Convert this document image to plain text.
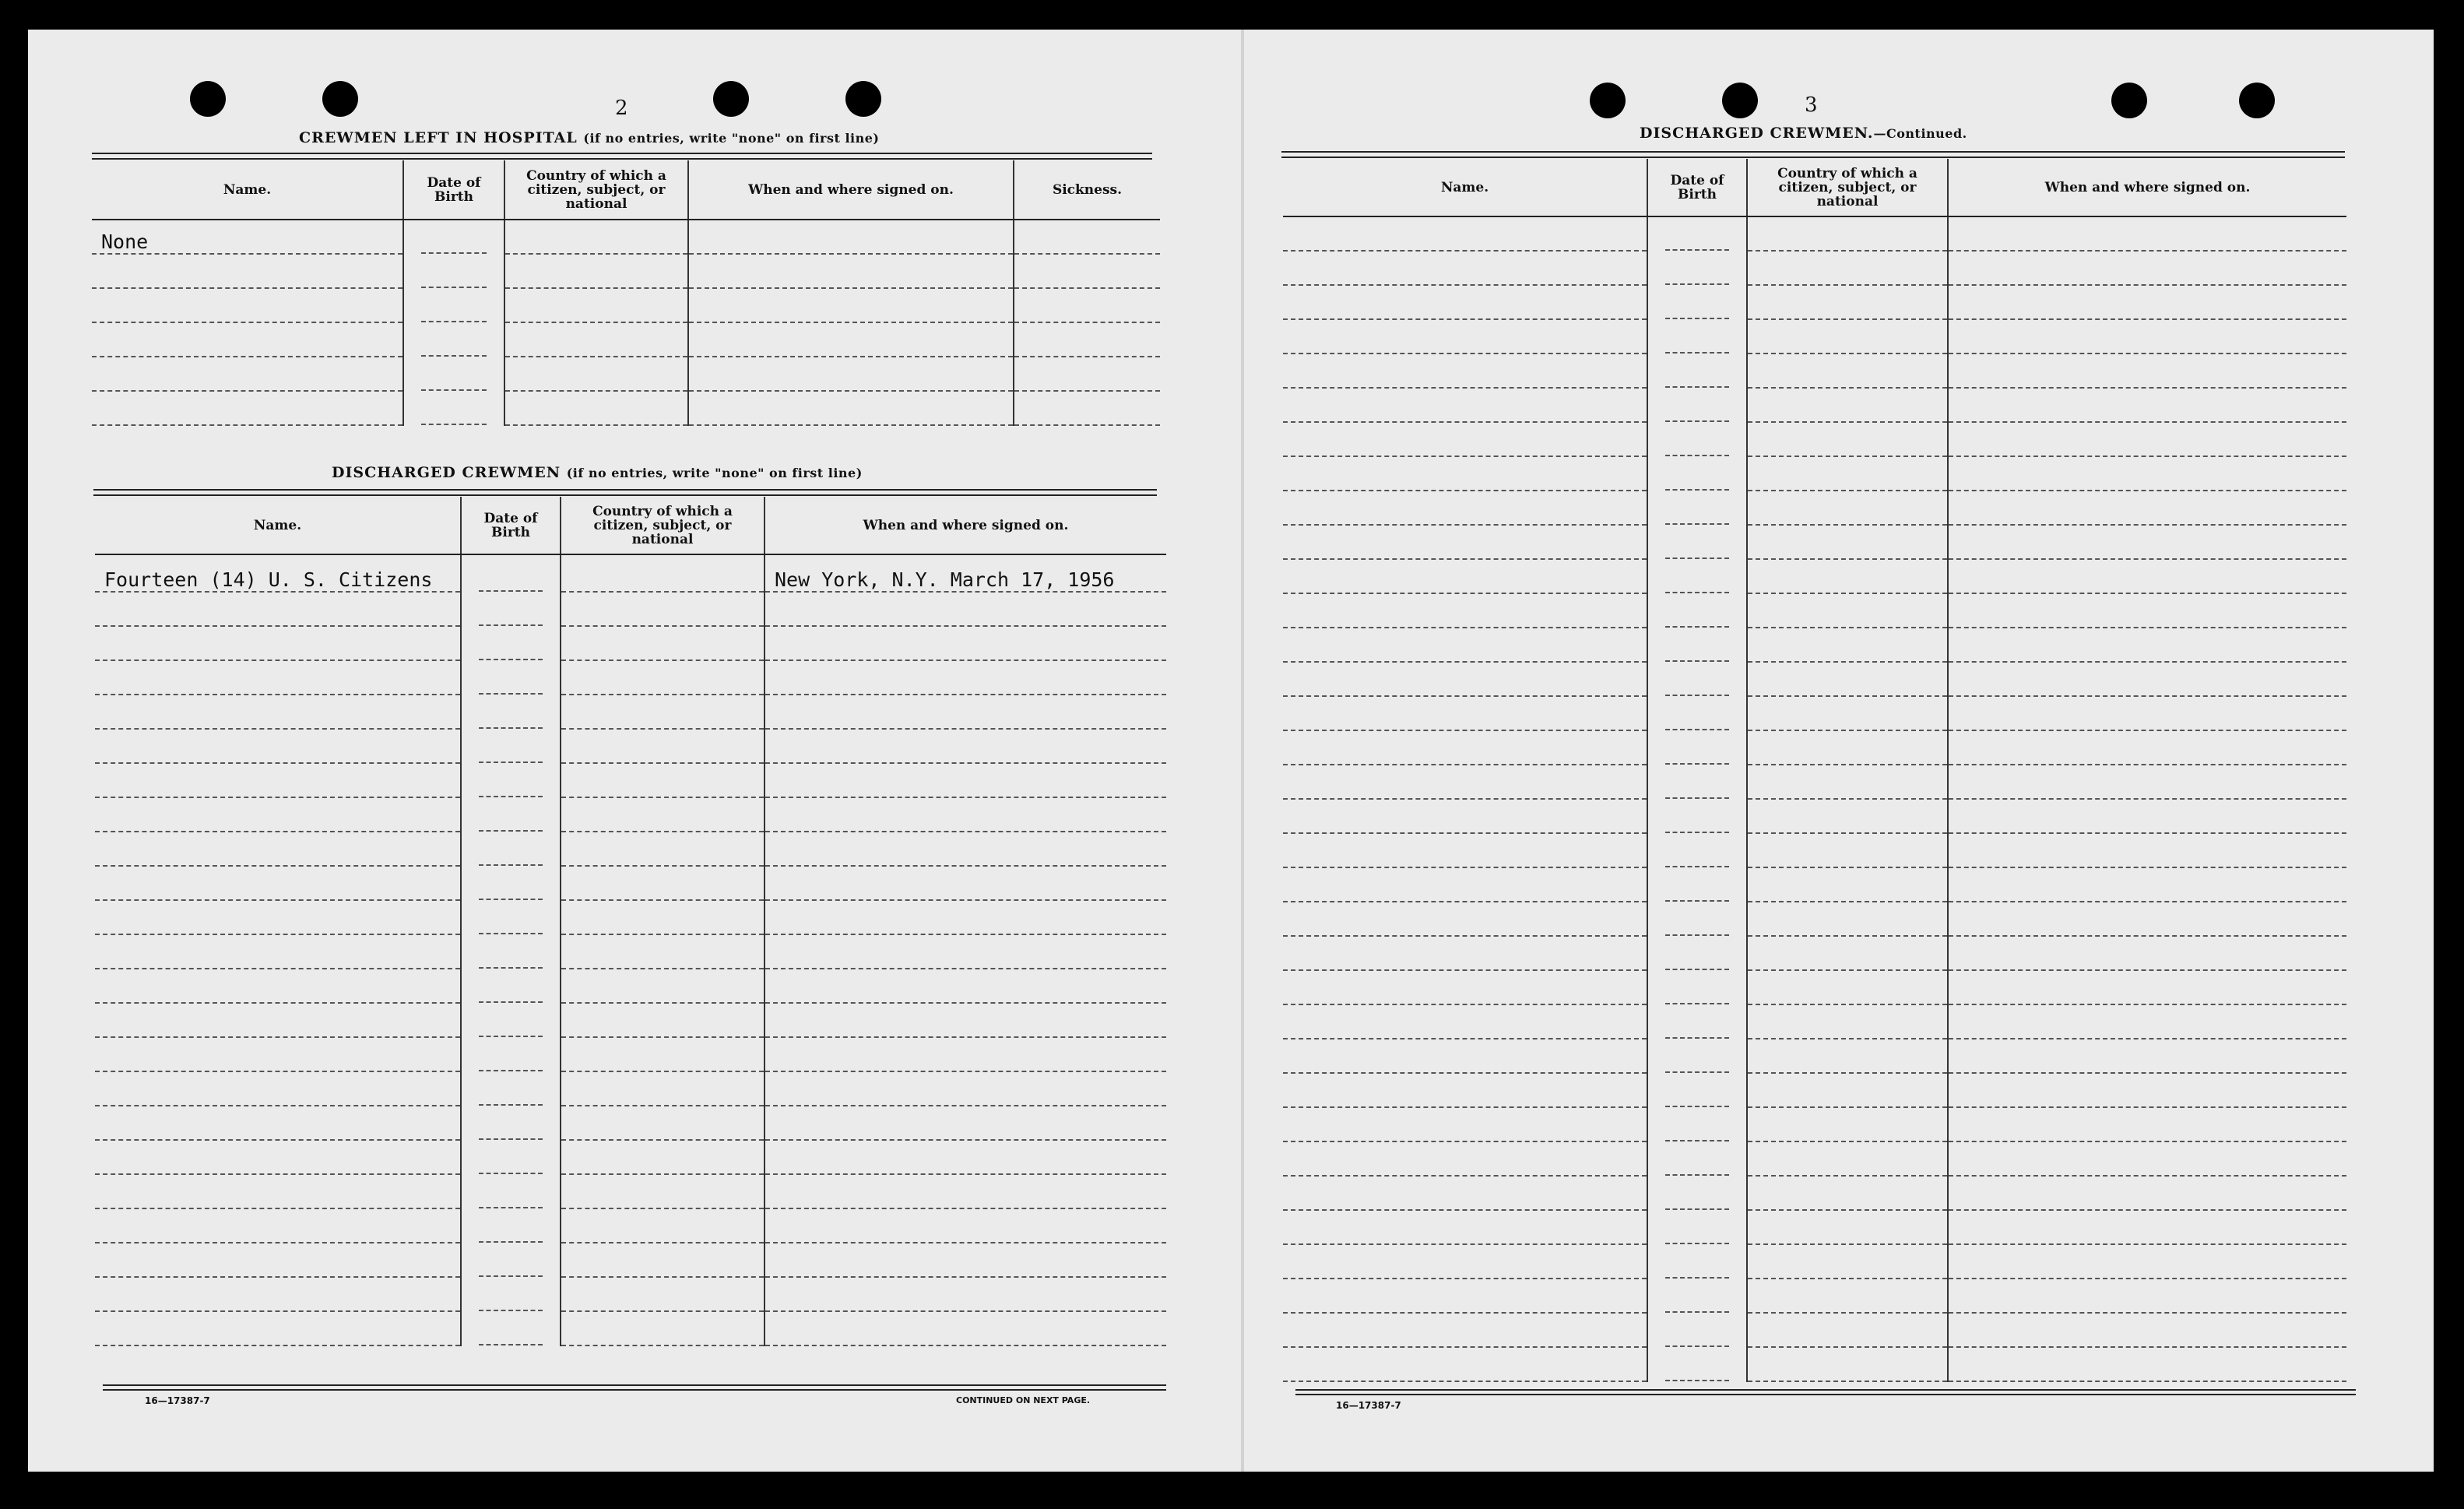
2
CREWMEN LEFT IN HOSPITAL (if no entries, write "none" on first line)
Name.	Date of Birth	Country of which a citizen, subject, or national	When and where signed on.	Sickness.
None	

DISCHARGED CREWMEN (if no entries, write "none" on first line)
Name.	Date of Birth	Country of which a citizen, subject, or national	When and where signed on.
Fourteen (14) U. S. Citizens			New York, N.Y. March 17, 1956

16—17387-7	CONTINUED ON NEXT PAGE.
3
DISCHARGED CREWMEN.—Continued.
Name.	Date of Birth	Country of which a citizen, subject, or national	When and where signed on.

16—17387-7
